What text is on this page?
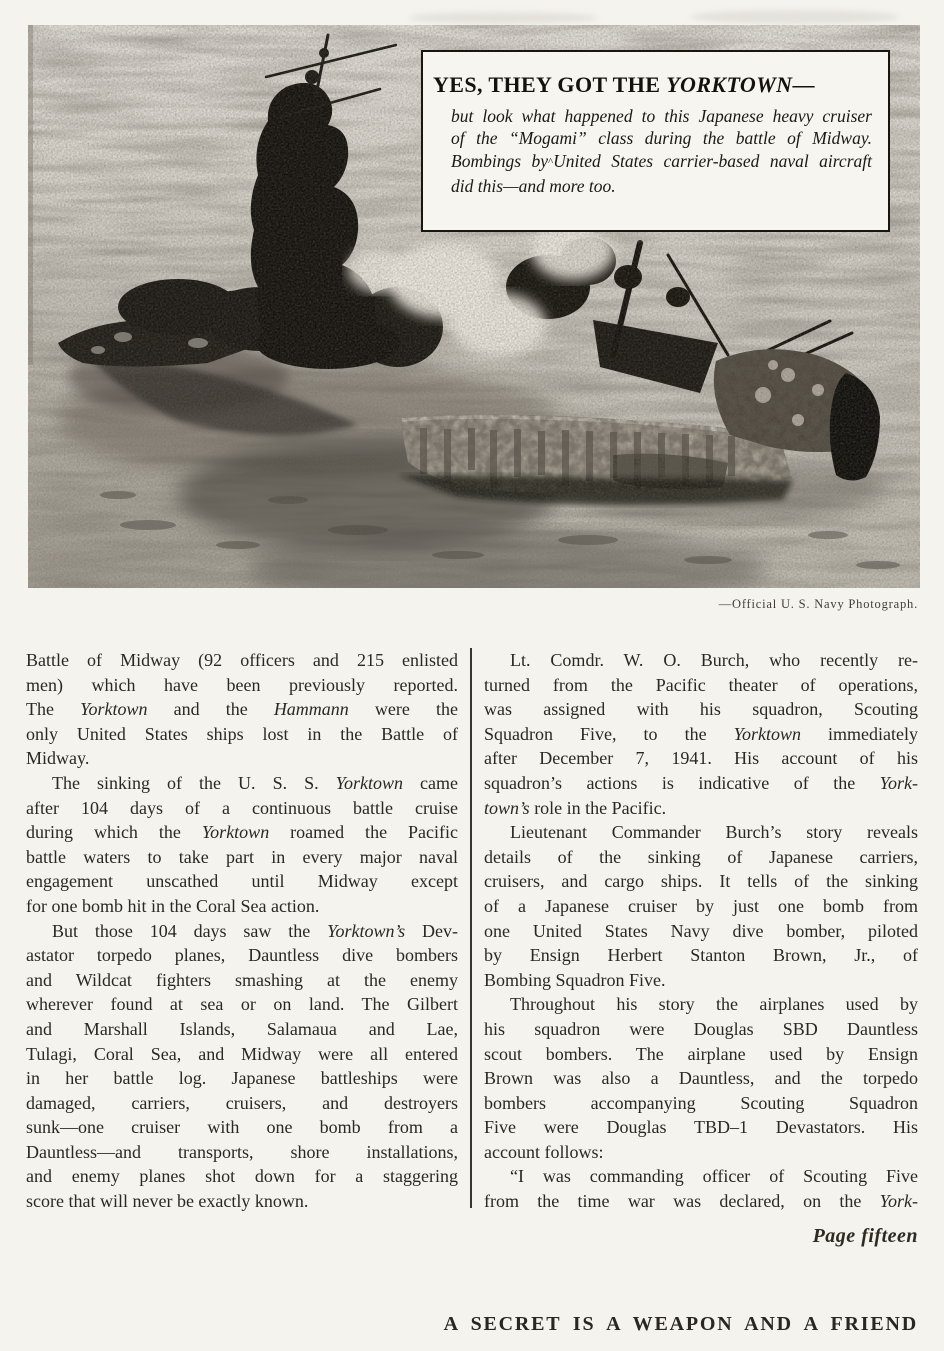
YES, THEY GOT THE YORKTOWN—
but look what happened to this Japanese heavy cruiser
of the “Mogami” class during the battle of Midway.
Bombings by^United States carrier-based naval aircraft
did this—and more too.
—Official U. S. Navy Photograph.
Battle of Midway (92 officers and 215 enlisted
men) which have been previously reported.
The Yorktown and the Hammann were the
only United States ships lost in the Battle of
Midway.
The sinking of the U. S. S. Yorktown came
after 104 days of a continuous battle cruise
during which the Yorktown roamed the Pacific
battle waters to take part in every major naval
engagement unscathed until Midway except
for one bomb hit in the Coral Sea action.
But those 104 days saw the Yorktown’s Dev-
astator torpedo planes, Dauntless dive bombers
and Wildcat fighters smashing at the enemy
wherever found at sea or on land. The Gilbert
and Marshall Islands, Salamaua and Lae,
Tulagi, Coral Sea, and Midway were all entered
in her battle log. Japanese battleships were
damaged, carriers, cruisers, and destroyers
sunk—one cruiser with one bomb from a
Dauntless—and transports, shore installations,
and enemy planes shot down for a staggering
score that will never be exactly known.
Lt. Comdr. W. O. Burch, who recently re-
turned from the Pacific theater of operations,
was assigned with his squadron, Scouting
Squadron Five, to the Yorktown immediately
after December 7, 1941. His account of his
squadron’s actions is indicative of the York-
town’s role in the Pacific.
Lieutenant Commander Burch’s story reveals
details of the sinking of Japanese carriers,
cruisers, and cargo ships. It tells of the sinking
of a Japanese cruiser by just one bomb from
one United States Navy dive bomber, piloted
by Ensign Herbert Stanton Brown, Jr., of
Bombing Squadron Five.
Throughout his story the airplanes used by
his squadron were Douglas SBD Dauntless
scout bombers. The airplane used by Ensign
Brown was also a Dauntless, and the torpedo
bombers accompanying Scouting Squadron
Five were Douglas TBD–1 Devastators. His
account follows:
“I was commanding officer of Scouting Five
from the time war was declared, on the York-
Page fifteen
A SECRET IS A WEAPON AND A FRIEND
